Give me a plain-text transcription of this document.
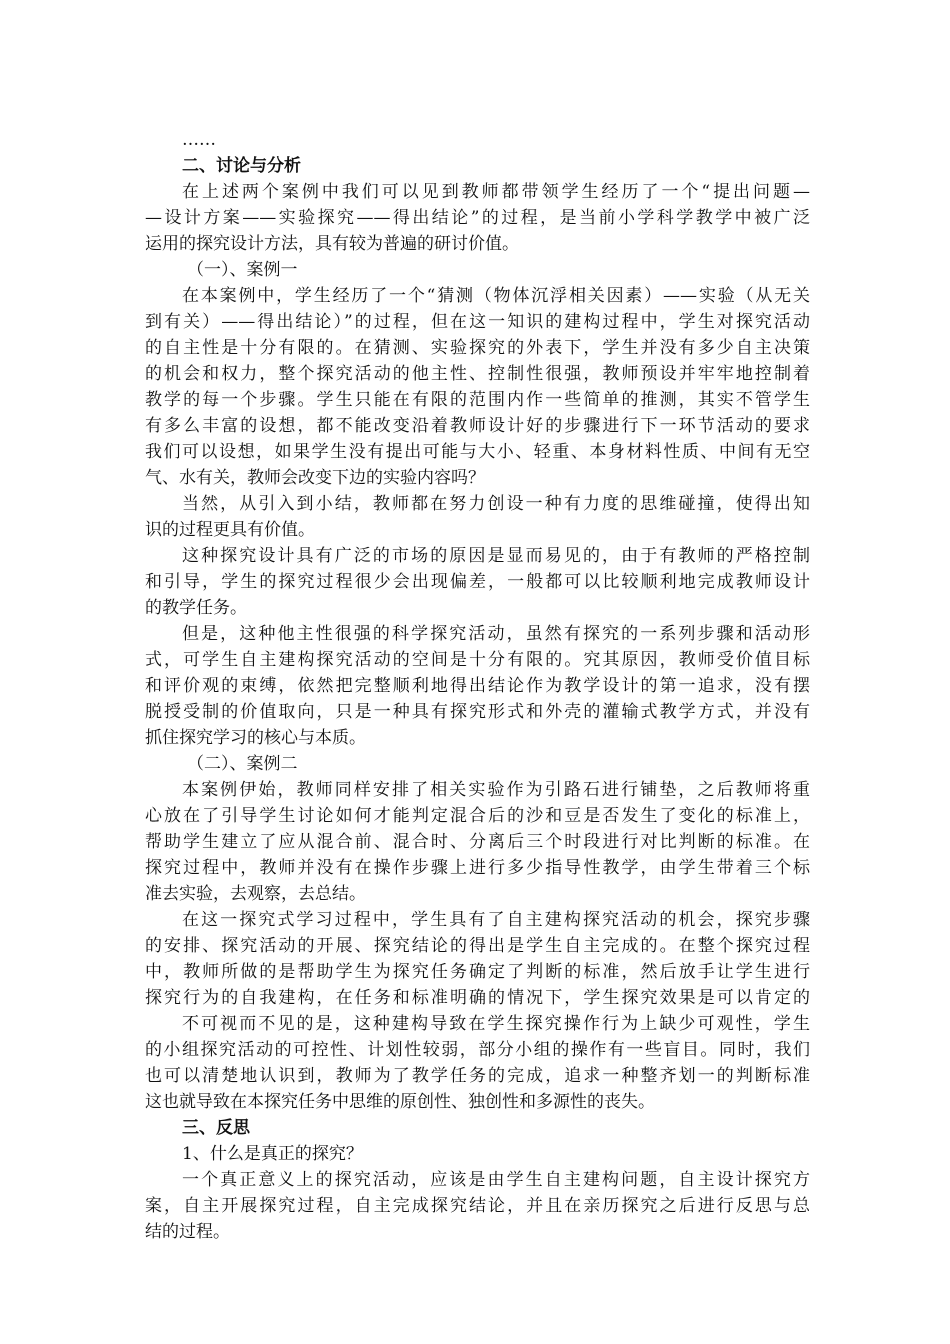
……
二、讨论与分析
在上述两个案例中我们可以见到教师都带领学生经历了一个“提出问题—
—设计方案——实验探究——得出结论”的过程，是当前小学科学教学中被广泛
运用的探究设计方法，具有较为普遍的研讨价值。
（一）、案例一
在本案例中，学生经历了一个“猜测（物体沉浮相关因素）——实验（从无关
到有关）——得出结论）”的过程，但在这一知识的建构过程中，学生对探究活动
的自主性是十分有限的。在猜测、实验探究的外表下，学生并没有多少自主决策
的机会和权力，整个探究活动的他主性、控制性很强，教师预设并牢牢地控制着
教学的每一个步骤。学生只能在有限的范围内作一些简单的推测，其实不管学生
有多么丰富的设想，都不能改变沿着教师设计好的步骤进行下一环节活动的要求
我们可以设想，如果学生没有提出可能与大小、轻重、本身材料性质、中间有无空
气、水有关，教师会改变下边的实验内容吗？
当然，从引入到小结，教师都在努力创设一种有力度的思维碰撞，使得出知
识的过程更具有价值。
这种探究设计具有广泛的市场的原因是显而易见的，由于有教师的严格控制
和引导，学生的探究过程很少会出现偏差，一般都可以比较顺利地完成教师设计
的教学任务。
但是，这种他主性很强的科学探究活动，虽然有探究的一系列步骤和活动形
式，可学生自主建构探究活动的空间是十分有限的。究其原因，教师受价值目标
和评价观的束缚，依然把完整顺利地得出结论作为教学设计的第一追求，没有摆
脱授受制的价值取向，只是一种具有探究形式和外壳的灌输式教学方式，并没有
抓住探究学习的核心与本质。
（二）、案例二
本案例伊始，教师同样安排了相关实验作为引路石进行铺垫，之后教师将重
心放在了引导学生讨论如何才能判定混合后的沙和豆是否发生了变化的标准上，
帮助学生建立了应从混合前、混合时、分离后三个时段进行对比判断的标准。在
探究过程中，教师并没有在操作步骤上进行多少指导性教学，由学生带着三个标
准去实验，去观察，去总结。
在这一探究式学习过程中，学生具有了自主建构探究活动的机会，探究步骤
的安排、探究活动的开展、探究结论的得出是学生自主完成的。在整个探究过程
中，教师所做的是帮助学生为探究任务确定了判断的标准，然后放手让学生进行
探究行为的自我建构，在任务和标准明确的情况下，学生探究效果是可以肯定的
不可视而不见的是，这种建构导致在学生探究操作行为上缺少可观性，学生
的小组探究活动的可控性、计划性较弱，部分小组的操作有一些盲目。同时，我们
也可以清楚地认识到，教师为了教学任务的完成，追求一种整齐划一的判断标准
这也就导致在本探究任务中思维的原创性、独创性和多源性的丧失。
三、反思
1、什么是真正的探究？
一个真正意义上的探究活动，应该是由学生自主建构问题，自主设计探究方
案，自主开展探究过程，自主完成探究结论，并且在亲历探究之后进行反思与总
结的过程。
